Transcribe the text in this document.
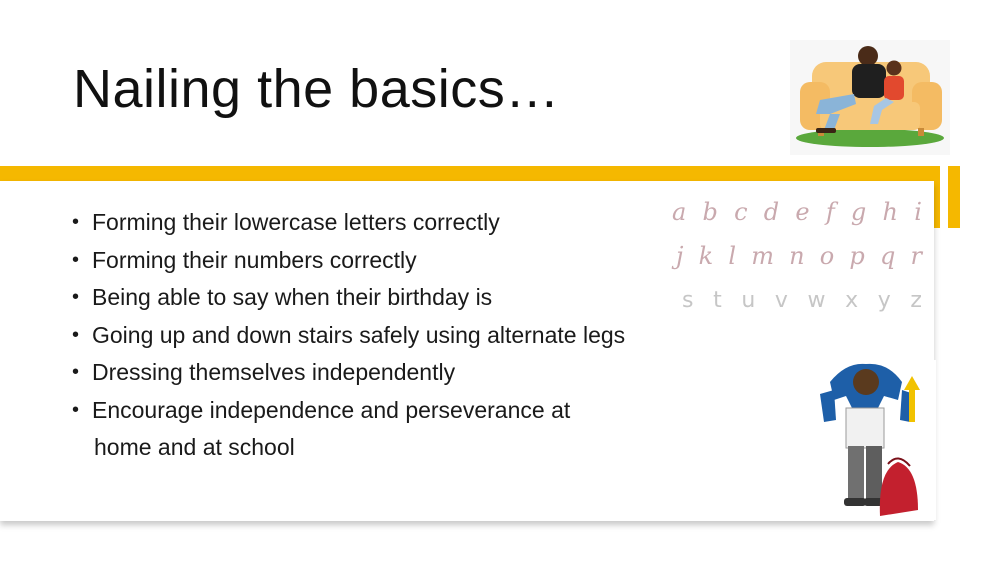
Nailing the basics…
• Forming their lowercase letters correctly
• Forming their numbers correctly
• Being able to say when their birthday is
• Going up and down stairs safely using alternate legs
• Dressing themselves independently
• Encourage independence and perseverance at
home and at school
a b c d e f g h i
j k l m n o p q r
s t u v w x y z
